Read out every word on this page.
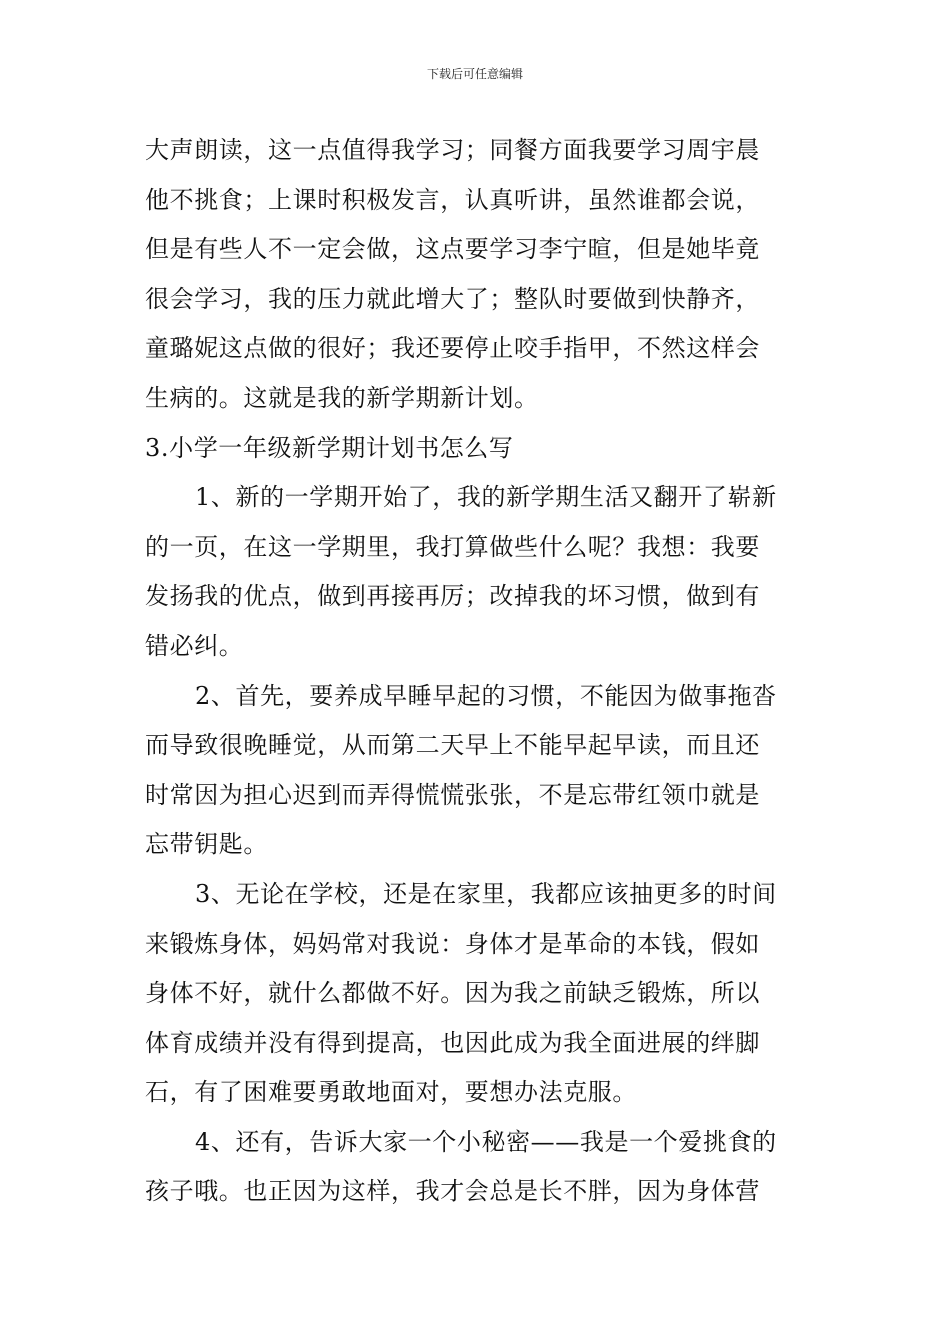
下载后可任意编辑
大声朗读，这一点值得我学习；同餐方面我要学习周宇晨
他不挑食；上课时积极发言，认真听讲，虽然谁都会说，
但是有些人不一定会做，这点要学习李宁暄，但是她毕竟
很会学习，我的压力就此增大了；整队时要做到快静齐，
童璐妮这点做的很好；我还要停止咬手指甲，不然这样会
生病的。这就是我的新学期新计划。
3.小学一年级新学期计划书怎么写
1、新的一学期开始了，我的新学期生活又翻开了崭新
的一页，在这一学期里，我打算做些什么呢？我想：我要
发扬我的优点，做到再接再厉；改掉我的坏习惯，做到有
错必纠。
2、首先，要养成早睡早起的习惯，不能因为做事拖沓
而导致很晚睡觉，从而第二天早上不能早起早读，而且还
时常因为担心迟到而弄得慌慌张张，不是忘带红领巾就是
忘带钥匙。
3、无论在学校，还是在家里，我都应该抽更多的时间
来锻炼身体，妈妈常对我说：身体才是革命的本钱，假如
身体不好，就什么都做不好。因为我之前缺乏锻炼，所以
体育成绩并没有得到提高，也因此成为我全面进展的绊脚
石，有了困难要勇敢地面对，要想办法克服。
4、还有，告诉大家一个小秘密——我是一个爱挑食的
孩子哦。也正因为这样，我才会总是长不胖，因为身体营
